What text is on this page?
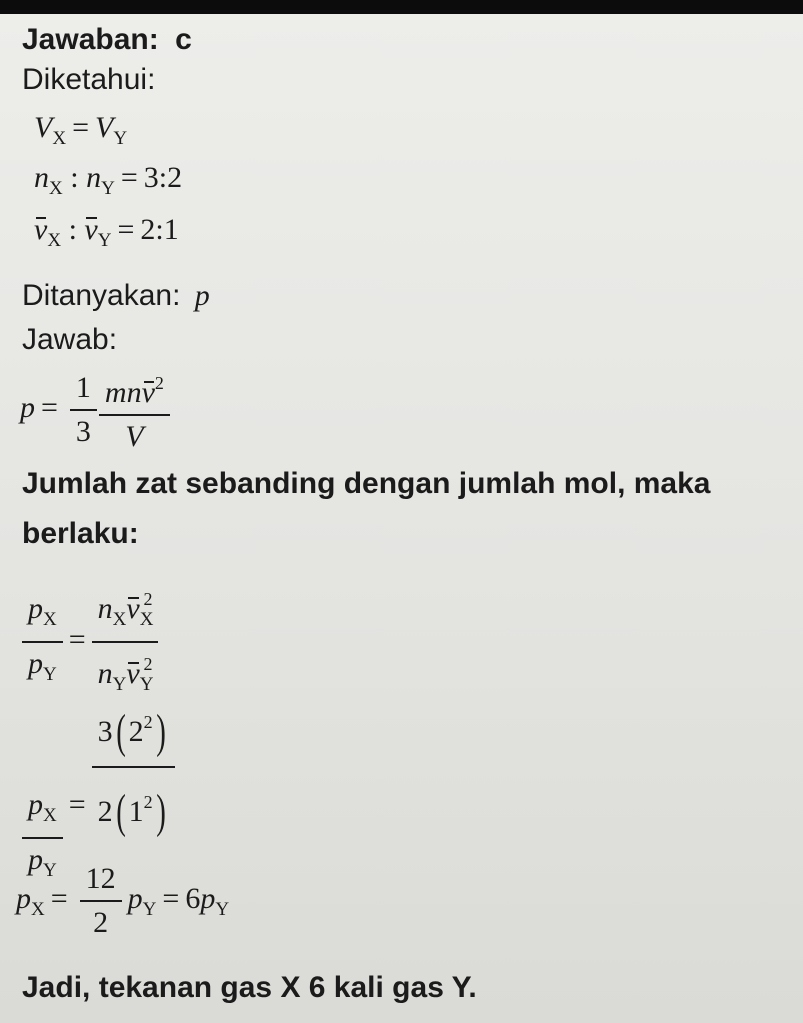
Jawaban: c
Diketahui:
$V_X = V_Y$
$n_X$ : $n_Y$ = 3:2
$v_X$ : $v_Y$ = 2:1
Ditanyakan: p
Jawab:
$p = \frac{1}{3} \frac{mnv^2}{V}$
Jumlah zat sebanding dengan jumlah mol, maka
berlaku:
$\frac{p_X}{p_Y} = \frac{n_Xv_X^2}{n_Yv_Y^2}$
$\frac{p_X}{p_Y} = \frac{3( 2^2)}{2( 1^2)}$
$p_X = \frac{12}{2} p_Y = 6p_Y$
Jadi, tekanan gas X 6 kali gas Y.
